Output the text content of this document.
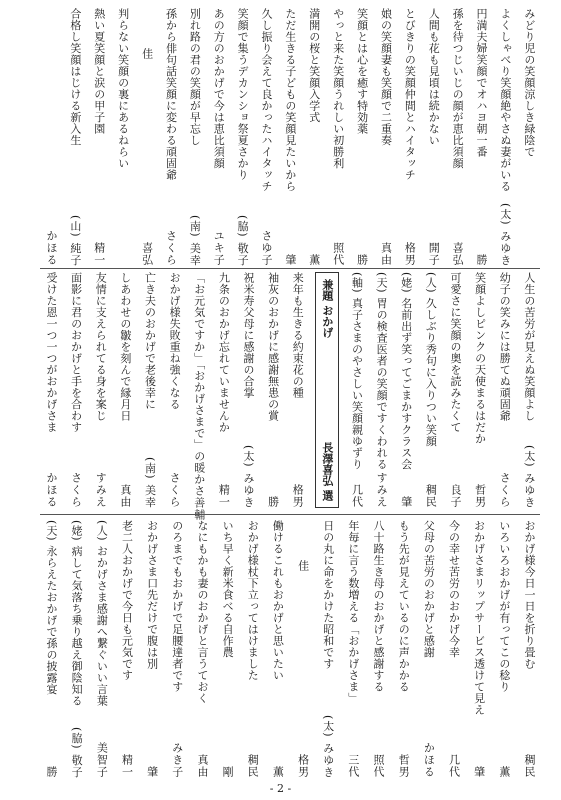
みどり児の笑顔涼しき緑陰で
よくしゃべり笑顔絶やさぬ妻がいる
(太) みゆき
円満夫婦笑顔でオハヨ朝一番
勝
孫を待つじいじの顔が恵比須顔
喜弘
人間も花も見頃は続かない
開子
とびきりの笑顔仲間とハイタッチ
格男
娘の笑顔妻も笑顔で二重奏
真由
笑顔とは心を癒す特効薬
勝
やっと来た笑顔うれしい初勝利
照代
満開の桜と笑顔入学式
薫
ただ生きる子どもの笑顔見たいから
肇
久し振り会えて良かったハイタッチ
さゆ子
笑顔で集うデカンショ祭夏さかり
(脇) 敬子
あの方のおかげで今は恵比須顔
ユキ子
別れ路の君の笑顔が早忘し
(南) 美幸
孫から俳句話笑顔に変わる頑固爺
さくら
佳
喜弘
判らない笑顔の裏にあるねらい
熱い夏笑顔と涙の甲子園
精一
合格し笑顔はじける新入生
(山) 純子
かほる
人生の苦労が見えぬ笑顔よし
(太) みゆき
幼子の笑みには勝てぬ頑固爺
さくら
笑顔よしピンクの天使まるはだか
哲男
可愛さに笑顔の奥を読みたくて
良子
(人) 久しぶり秀句に入りつい笑顔
稠民
(姥) 名前出ず笑ってごまかすクラス会
肇
(天) 胃の検査医者の笑顔ですくわれる
すみえ
(軸) 真子さまのやさしい笑顔親ゆずり
几代
兼題 おかげ
長澤喜弘 選
来年も生きる約束花の種
格男
袖灰のおかげに感謝無患の賞
勝
祝米寿父母に感謝の合掌
(太) みゆき
九条のおかげ忘れていませんか
精一
「お元気ですか」「おかげさまで」の暖かさ
善輔
おかげ様失敗重ね強くなる
さくら
亡き夫のおかげで老後幸に
(南) 美幸
しあわせの皺を刻んで縁月日
真由
友情に支えられてる身を案じ
すみえ
面影に君のおかげと手を合わす
さくら
受けた恩一つ一つがおかげさま
かほる
おかげ様今日一日を折り畳む
稠民
いろいろおかげが有ってこの稔り
薫
おかげさまリップサービス透けて見え
肇
今の幸せ苦労のおかげ今幸
几代
父母の苦労のおかげと感謝
かほる
もう先が見えているのに声かかる
哲男
八十路生き母のおかげと感謝する
照代
年毎に言う数増える「おかげさま」
三代
日の丸に命をかけた昭和です
(太) みゆき
佳
格男
働けるこれもおかげと思いたい
薫
おかげ様杖下立ってはけました
稠民
いち早く新米食べる自作農
剛
なにもかも妻のおかげと言うておく
真由
のろまでもおかげで足腰達者です
みき子
おかげさま口先だけで腹は別
肇
老二人おかげで今日も元気です
精一
(人) おかげさま感謝へ繋ぐいい言葉
美智子
(姥) 病して気落ち乗り越え御陰知る
(脇) 敬子
(天) 永らえたおかげで孫の披露宴
勝
- 2 -
